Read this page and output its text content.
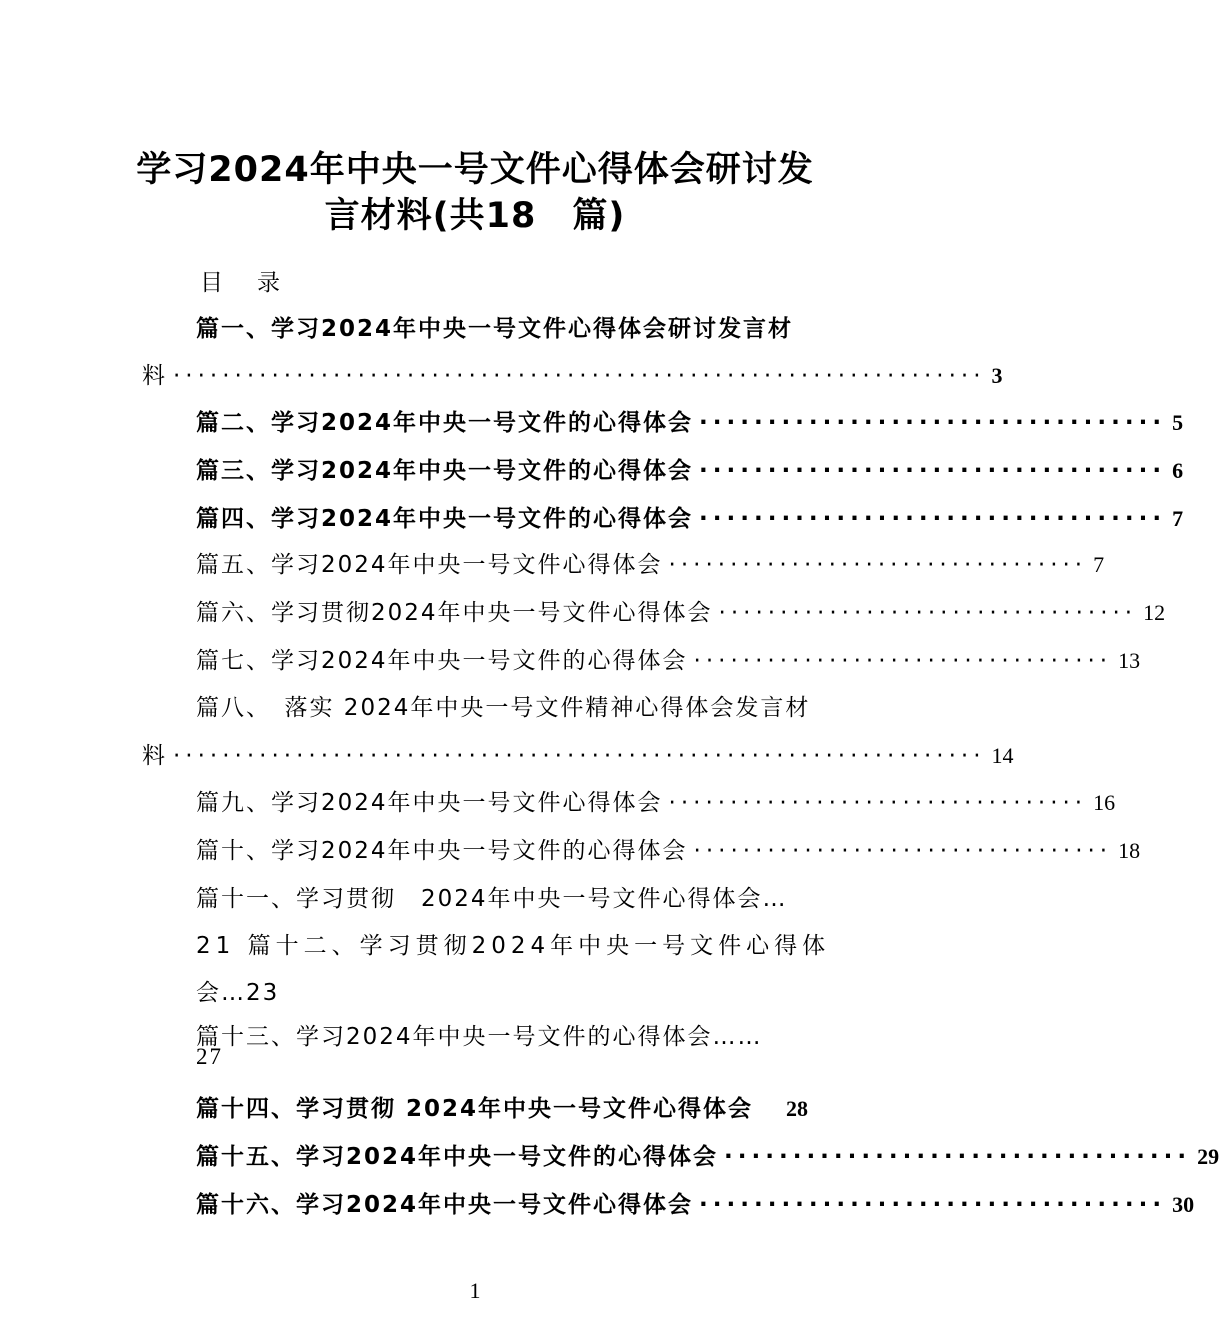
学习2024年中央一号文件心得体会研讨发
言材料(共18　篇)
目录
篇一、学习2024年中央一号文件心得体会研讨发言材
料 ·································································· 3
篇二、学习2024年中央一号文件的心得体会 ·································· 5
篇三、学习2024年中央一号文件的心得体会 ·································· 6
篇四、学习2024年中央一号文件的心得体会 ·································· 7
篇五、学习2024年中央一号文件心得体会 ·································· 7
篇六、学习贯彻2024年中央一号文件心得体会 ·································· 12
篇七、学习2024年中央一号文件的心得体会 ·································· 13
篇八、　落实 2024年中央一号文件精神心得体会发言材
料 ·································································· 14
篇九、学习2024年中央一号文件心得体会 ·································· 16
篇十、学习2024年中央一号文件的心得体会 ·································· 18
篇十一、学习贯彻　2024年中央一号文件心得体会…
21 篇十二、学习贯彻2024年中央一号文件心得体
会…23
篇十三、学习2024年中央一号文件的心得体会……
27
篇十四、学习贯彻 2024年中央一号文件心得体会 28
篇十五、学习2024年中央一号文件的心得体会 ·································· 29
篇十六、学习2024年中央一号文件心得体会 ·································· 30
1
